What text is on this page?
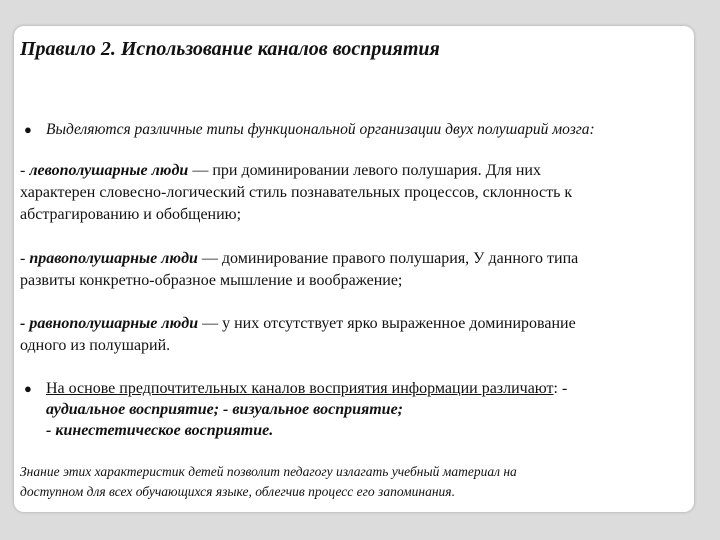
Правило 2. Использование каналов восприятия
● Выделяются различные типы функциональной организации двух полушарий мозга:
- левополушарные люди — при доминировании левого полушария. Для них
характерен словесно-логический стиль познавательных процессов, склонность к
абстрагированию и обобщению;
- правополушарные люди — доминирование правого полушария, У данного типа
развиты конкретно-образное мышление и воображение;
- равнополушарные люди — у них отсутствует ярко выраженное доминирование
одного из полушарий.
● На основе предпочтительных каналов восприятия информации различают: -
аудиальное восприятие; - визуальное восприятие;
- кинестетическое восприятие.
Знание этих характеристик детей позволит педагогу излагать учебный материал на
доступном для всех обучающихся языке, облегчив процесс его запоминания.
